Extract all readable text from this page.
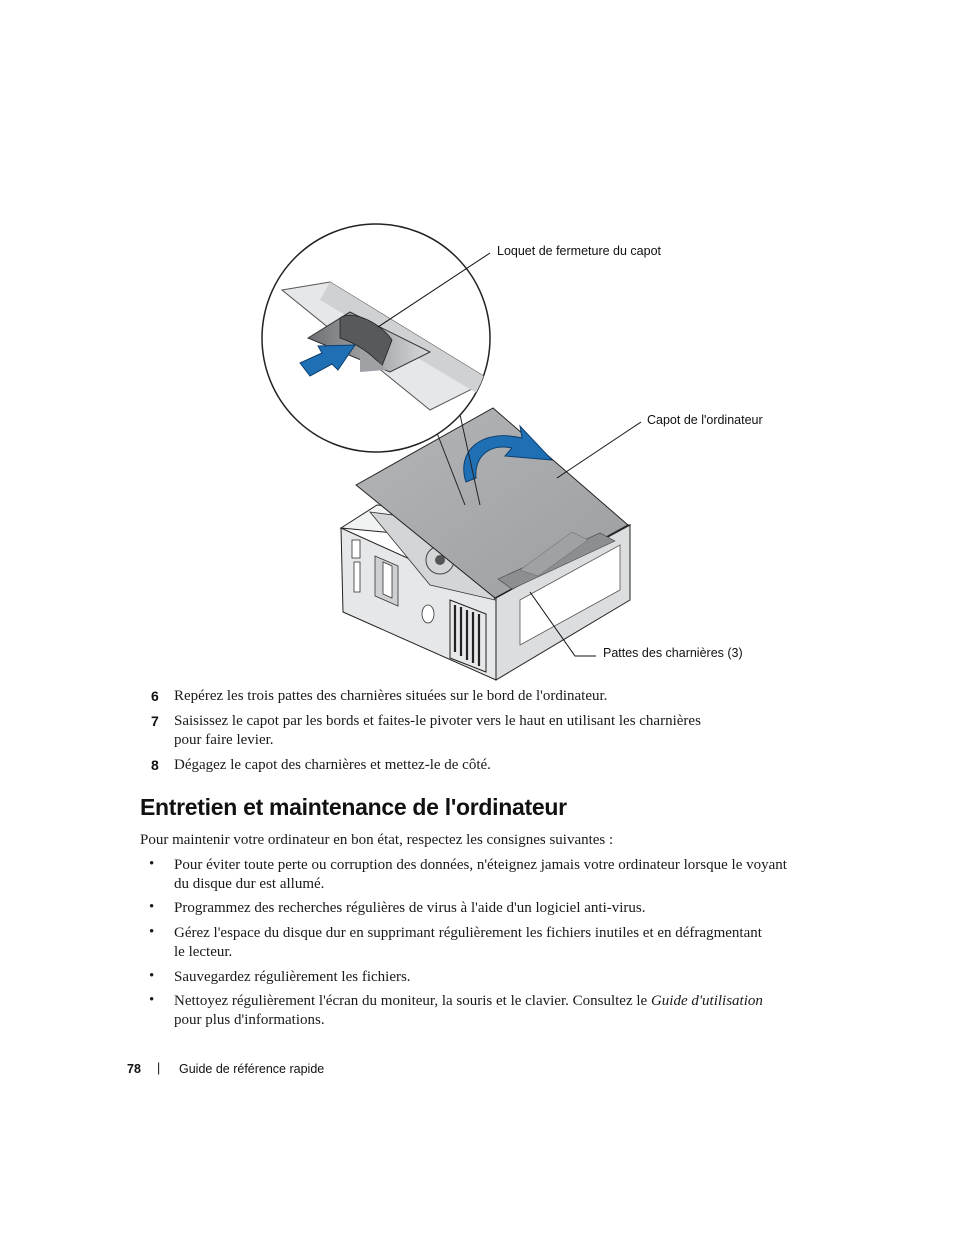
Loquet de fermeture du capot
Capot de l'ordinateur
Pattes des charnières (3)
6 Repérez les trois pattes des charnières situées sur le bord de l'ordinateur.
7 Saisissez le capot par les bords et faites-le pivoter vers le haut en utilisant les charnières
pour faire levier.
8 Dégagez le capot des charnières et mettez-le de côté.
Entretien et maintenance de l'ordinateur
Pour maintenir votre ordinateur en bon état, respectez les consignes suivantes :
• Pour éviter toute perte ou corruption des données, n'éteignez jamais votre ordinateur lorsque le voyant
du disque dur est allumé.
• Programmez des recherches régulières de virus à l'aide d'un logiciel anti-virus.
• Gérez l'espace du disque dur en supprimant régulièrement les fichiers inutiles et en défragmentant
le lecteur.
• Sauvegardez régulièrement les fichiers.
• Nettoyez régulièrement l'écran du moniteur, la souris et le clavier. Consultez le Guide d'utilisation
pour plus d'informations.
78 | Guide de référence rapide
